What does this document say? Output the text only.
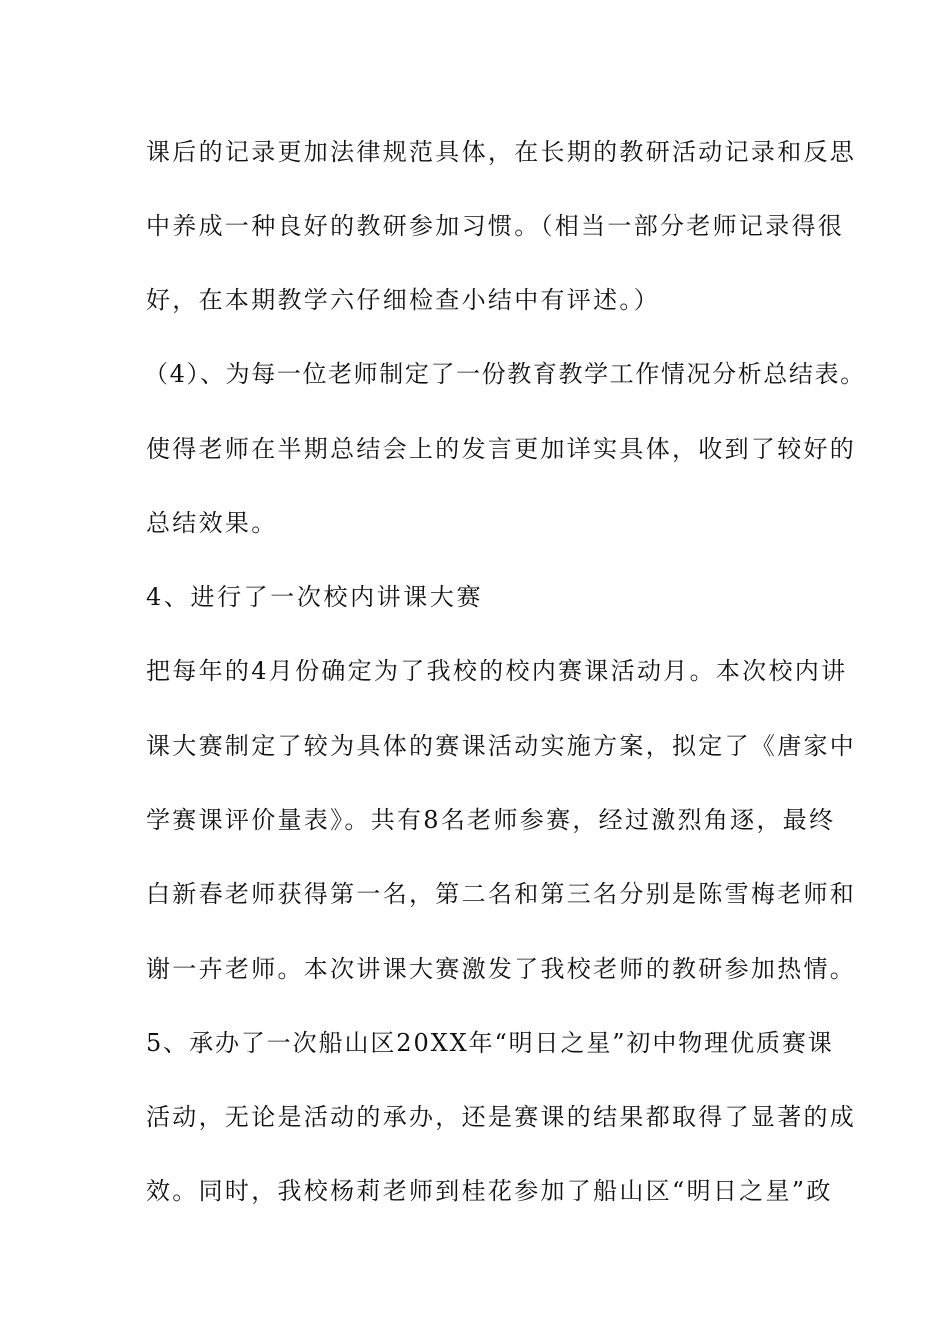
课后的记录更加法律规范具体，在长期的教研活动记录和反思
中养成一种良好的教研参加习惯。（相当一部分老师记录得很
好，在本期教学六仔细检查小结中有评述。）
（4）、为每一位老师制定了一份教育教学工作情况分析总结表。
使得老师在半期总结会上的发言更加详实具体，收到了较好的
总结效果。
4、进行了一次校内讲课大赛
把每年的4月份确定为了我校的校内赛课活动月。本次校内讲
课大赛制定了较为具体的赛课活动实施方案，拟定了《唐家中
学赛课评价量表》。共有8名老师参赛，经过激烈角逐，最终
白新春老师获得第一名，第二名和第三名分别是陈雪梅老师和
谢一卉老师。本次讲课大赛激发了我校老师的教研参加热情。
5、承办了一次船山区20XX年“明日之星”初中物理优质赛课
活动，无论是活动的承办，还是赛课的结果都取得了显著的成
效。同时，我校杨莉老师到桂花参加了船山区“明日之星”政
